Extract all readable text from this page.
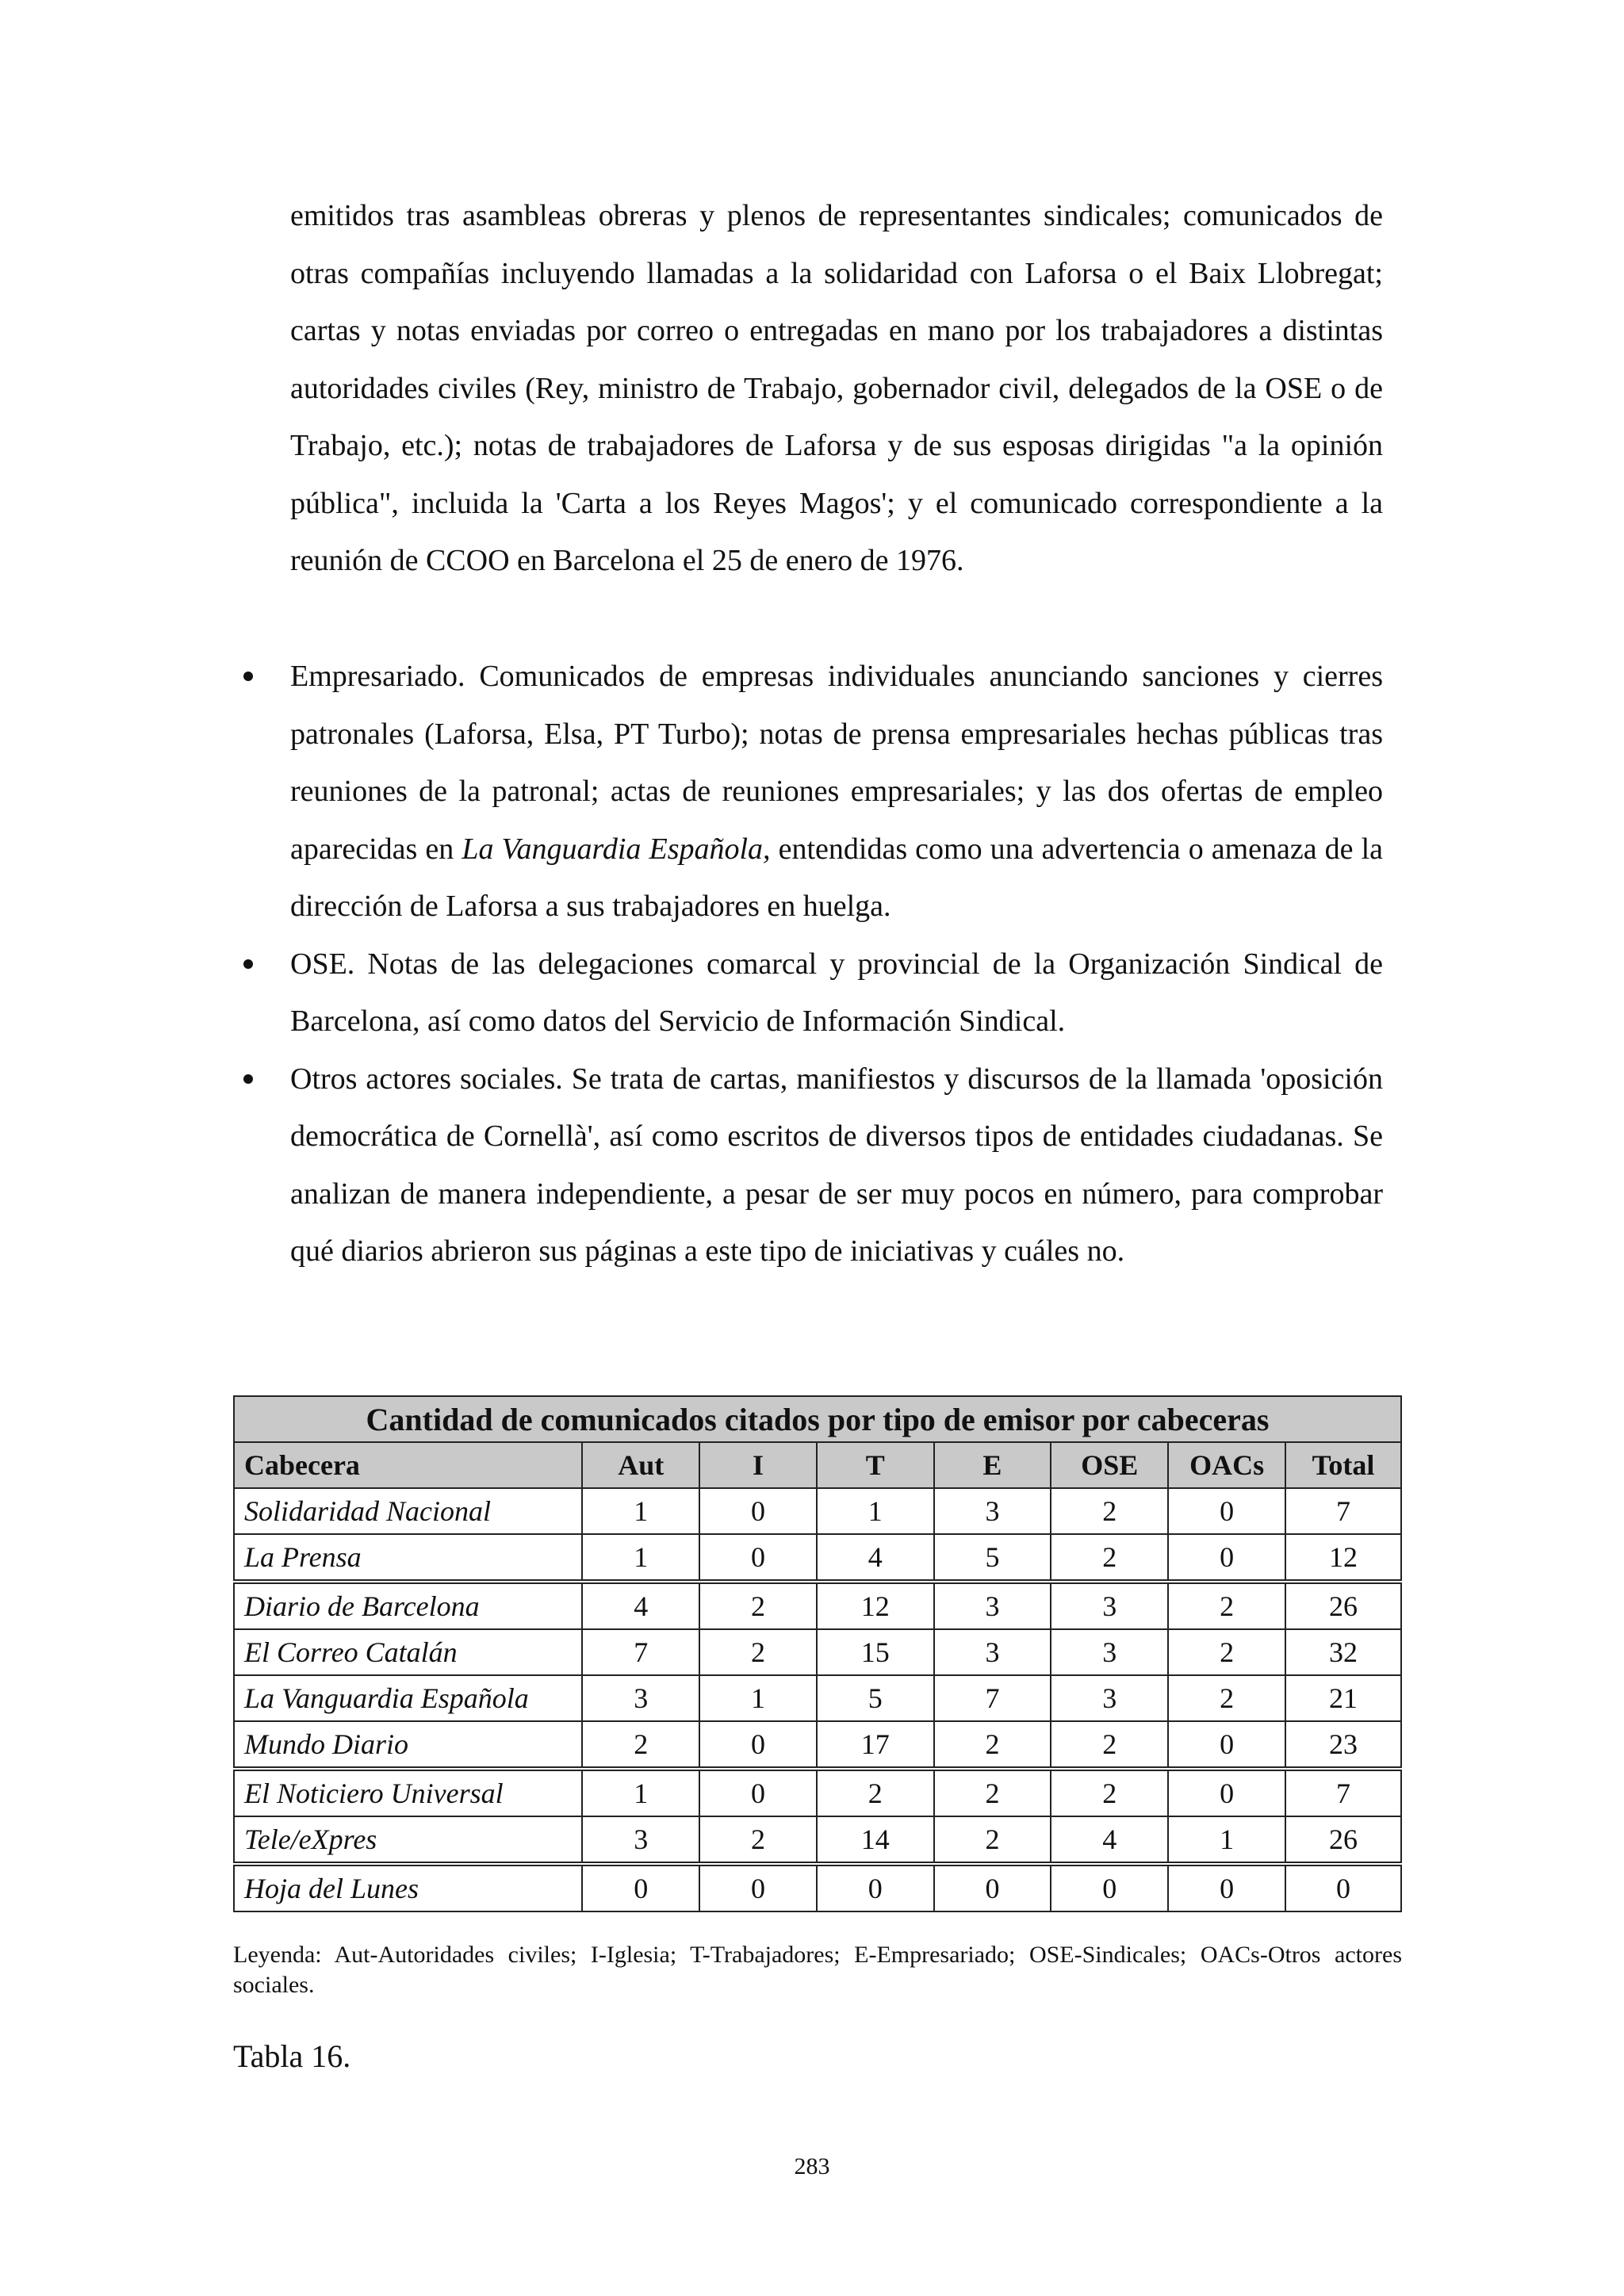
emitidos tras asambleas obreras y plenos de representantes sindicales; comunicados de otras compañías incluyendo llamadas a la solidaridad con Laforsa o el Baix Llobregat; cartas y notas enviadas por correo o entregadas en mano por los trabajadores a distintas autoridades civiles (Rey, ministro de Trabajo, gobernador civil, delegados de la OSE o de Trabajo, etc.); notas de trabajadores de Laforsa y de sus esposas dirigidas "a la opinión pública", incluida la 'Carta a los Reyes Magos'; y el comunicado correspondiente a la reunión de CCOO en Barcelona el 25 de enero de 1976.

Empresariado. Comunicados de empresas individuales anunciando sanciones y cierres patronales (Laforsa, Elsa, PT Turbo); notas de prensa empresariales hechas públicas tras reuniones de la patronal; actas de reuniones empresariales; y las dos ofertas de empleo aparecidas en La Vanguardia Española, entendidas como una advertencia o amenaza de la dirección de Laforsa a sus trabajadores en huelga.

OSE. Notas de las delegaciones comarcal y provincial de la Organización Sindical de Barcelona, así como datos del Servicio de Información Sindical.

Otros actores sociales. Se trata de cartas, manifiestos y discursos de la llamada 'oposición democrática de Cornellà', así como escritos de diversos tipos de entidades ciudadanas. Se analizan de manera independiente, a pesar de ser muy pocos en número, para comprobar qué diarios abrieron sus páginas a este tipo de iniciativas y cuáles no.

Cantidad de comunicados citados por tipo de emisor por cabeceras							
Cabecera	Aut	I	T	E	OSE	OACs	Total
Solidaridad Nacional	1	0	1	3	2	0	7
La Prensa	1	0	4	5	2	0	12
Diario de Barcelona	4	2	12	3	3	2	26
El Correo Catalán	7	2	15	3	3	2	32
La Vanguardia Española	3	1	5	7	3	2	21
Mundo Diario	2	0	17	2	2	0	23
El Noticiero Universal	1	0	2	2	2	0	7
Tele/eXpres	3	2	14	2	4	1	26
Hoja del Lunes	0	0	0	0	0	0	0
Leyenda: Aut-Autoridades civiles; I-Iglesia; T-Trabajadores; E-Empresariado; OSE-Sindicales; OACs-Otros actores sociales.
Tabla 16.
283
